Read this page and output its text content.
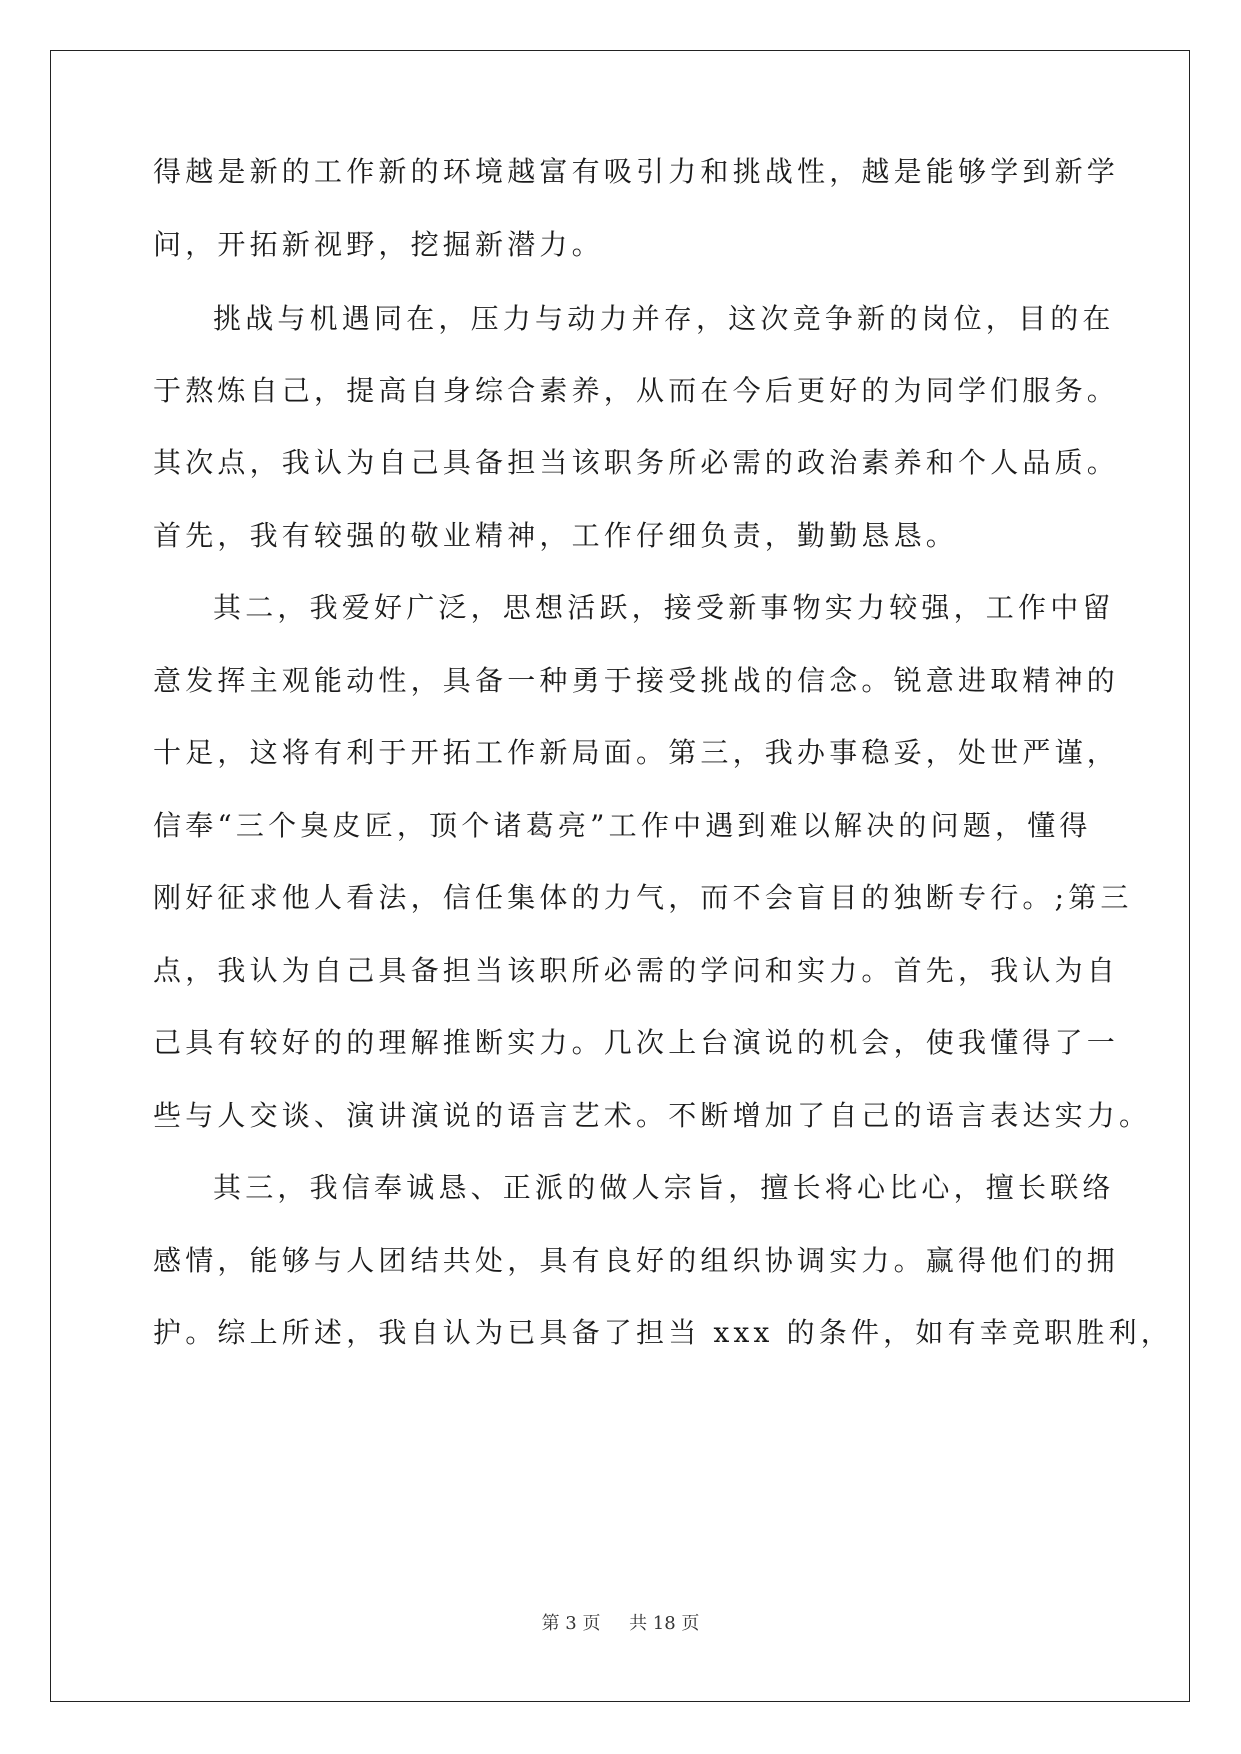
得越是新的工作新的环境越富有吸引力和挑战性，越是能够学到新学
问，开拓新视野，挖掘新潜力。
挑战与机遇同在，压力与动力并存，这次竞争新的岗位，目的在
于熬炼自己，提高自身综合素养，从而在今后更好的为同学们服务。
其次点，我认为自己具备担当该职务所必需的政治素养和个人品质。
首先，我有较强的敬业精神，工作仔细负责，勤勤恳恳。
其二，我爱好广泛，思想活跃，接受新事物实力较强，工作中留
意发挥主观能动性，具备一种勇于接受挑战的信念。锐意进取精神的
十足，这将有利于开拓工作新局面。第三，我办事稳妥，处世严谨，
信奉“三个臭皮匠，顶个诸葛亮”工作中遇到难以解决的问题，懂得
刚好征求他人看法，信任集体的力气，而不会盲目的独断专行。;第三
点，我认为自己具备担当该职所必需的学问和实力。首先，我认为自
己具有较好的的理解推断实力。几次上台演说的机会，使我懂得了一
些与人交谈、演讲演说的语言艺术。不断增加了自己的语言表达实力。
其三，我信奉诚恳、正派的做人宗旨，擅长将心比心，擅长联络
感情，能够与人团结共处，具有良好的组织协调实力。赢得他们的拥
护。综上所述，我自认为已具备了担当 xxx 的条件，如有幸竞职胜利，
第 3 页 共 18 页
